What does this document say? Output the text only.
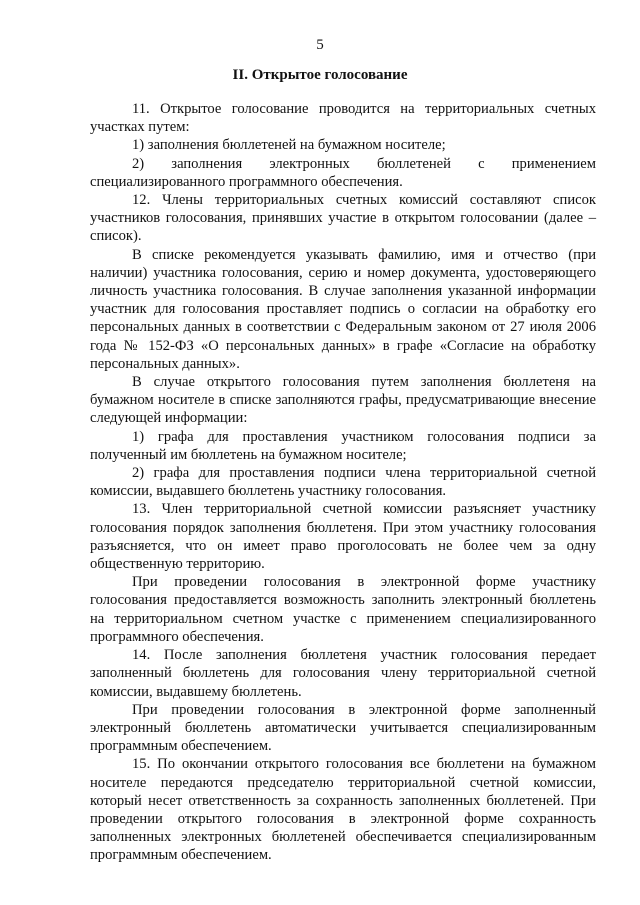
5
II. Открытое голосование

11. Открытое голосование проводится на территориальных счетных участках путем:

1) заполнения бюллетеней на бумажном носителе;

2) заполнения электронных бюллетеней с применением специализированного программного обеспечения.

12. Члены территориальных счетных комиссий составляют список участников голосования, принявших участие в открытом голосовании (далее – список).

В списке рекомендуется указывать фамилию, имя и отчество (при наличии) участника голосования, серию и номер документа, удостоверяющего личность участника голосования. В случае заполнения указанной информации участник для голосования проставляет подпись о согласии на обработку его персональных данных в соответствии с Федеральным законом от 27 июля 2006 года № 152-ФЗ «О персональных данных» в графе «Согласие на обработку персональных данных».

В случае открытого голосования путем заполнения бюллетеня на бумажном носителе в списке заполняются графы, предусматривающие внесение следующей информации:

1) графа для проставления участником голосования подписи за полученный им бюллетень на бумажном носителе;

2) графа для проставления подписи члена территориальной счетной комиссии, выдавшего бюллетень участнику голосования.

13. Член территориальной счетной комиссии разъясняет участнику голосования порядок заполнения бюллетеня. При этом участнику голосования разъясняется, что он имеет право проголосовать не более чем за одну общественную территорию.

При проведении голосования в электронной форме участнику голосования предоставляется возможность заполнить электронный бюллетень на территориальном счетном участке с применением специализированного программного обеспечения.

14. После заполнения бюллетеня участник голосования передает заполненный бюллетень для голосования члену территориальной счетной комиссии, выдавшему бюллетень.

При проведении голосования в электронной форме заполненный электронный бюллетень автоматически учитывается специализированным программным обеспечением.

15. По окончании открытого голосования все бюллетени на бумажном носителе передаются председателю территориальной счетной комиссии, который несет ответственность за сохранность заполненных бюллетеней. При проведении открытого голосования в электронной форме сохранность заполненных электронных бюллетеней обеспечивается специализированным программным обеспечением.
